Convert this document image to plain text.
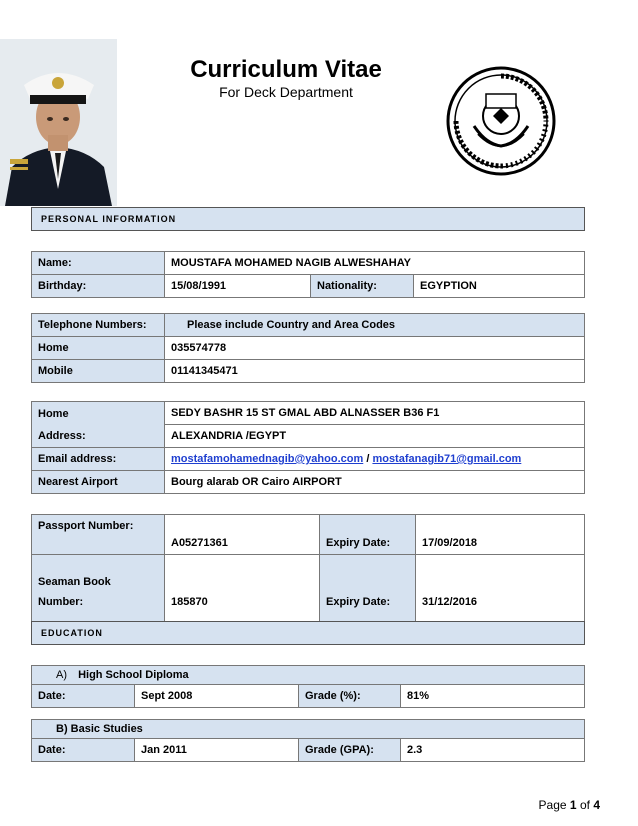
Curriculum Vitae
For Deck Department
PERSONAL INFORMATION
Name:	MOUSTAFA MOHAMED NAGIB ALWESHAHAY		
Birthday:	15/08/1991	Nationality:	EGYPTION
Telephone Numbers:	Please include Country and Area Codes
Home	035574778
Mobile	01141345471
Home
Address:	SEDY BASHR 15 ST GMAL ABD ALNASSER B36 F1
	ALEXANDRIA /EGYPT
Email address:	mostafamohamednagib@yahoo.com / mostafanagib71@gmail.com
Nearest Airport	Bourg alarab OR Cairo AIRPORT
Passport Number:	A05271361	Expiry Date:	17/09/2018

Seaman Book
Number:	185870	Expiry Date:	31/12/2016
EDUCATION
A) High School Diploma
Date:	Sept 2008	Grade (%):	81%
B) Basic Studies
Date:	Jan 2011	Grade (GPA):	2.3
Page 1 of 4
